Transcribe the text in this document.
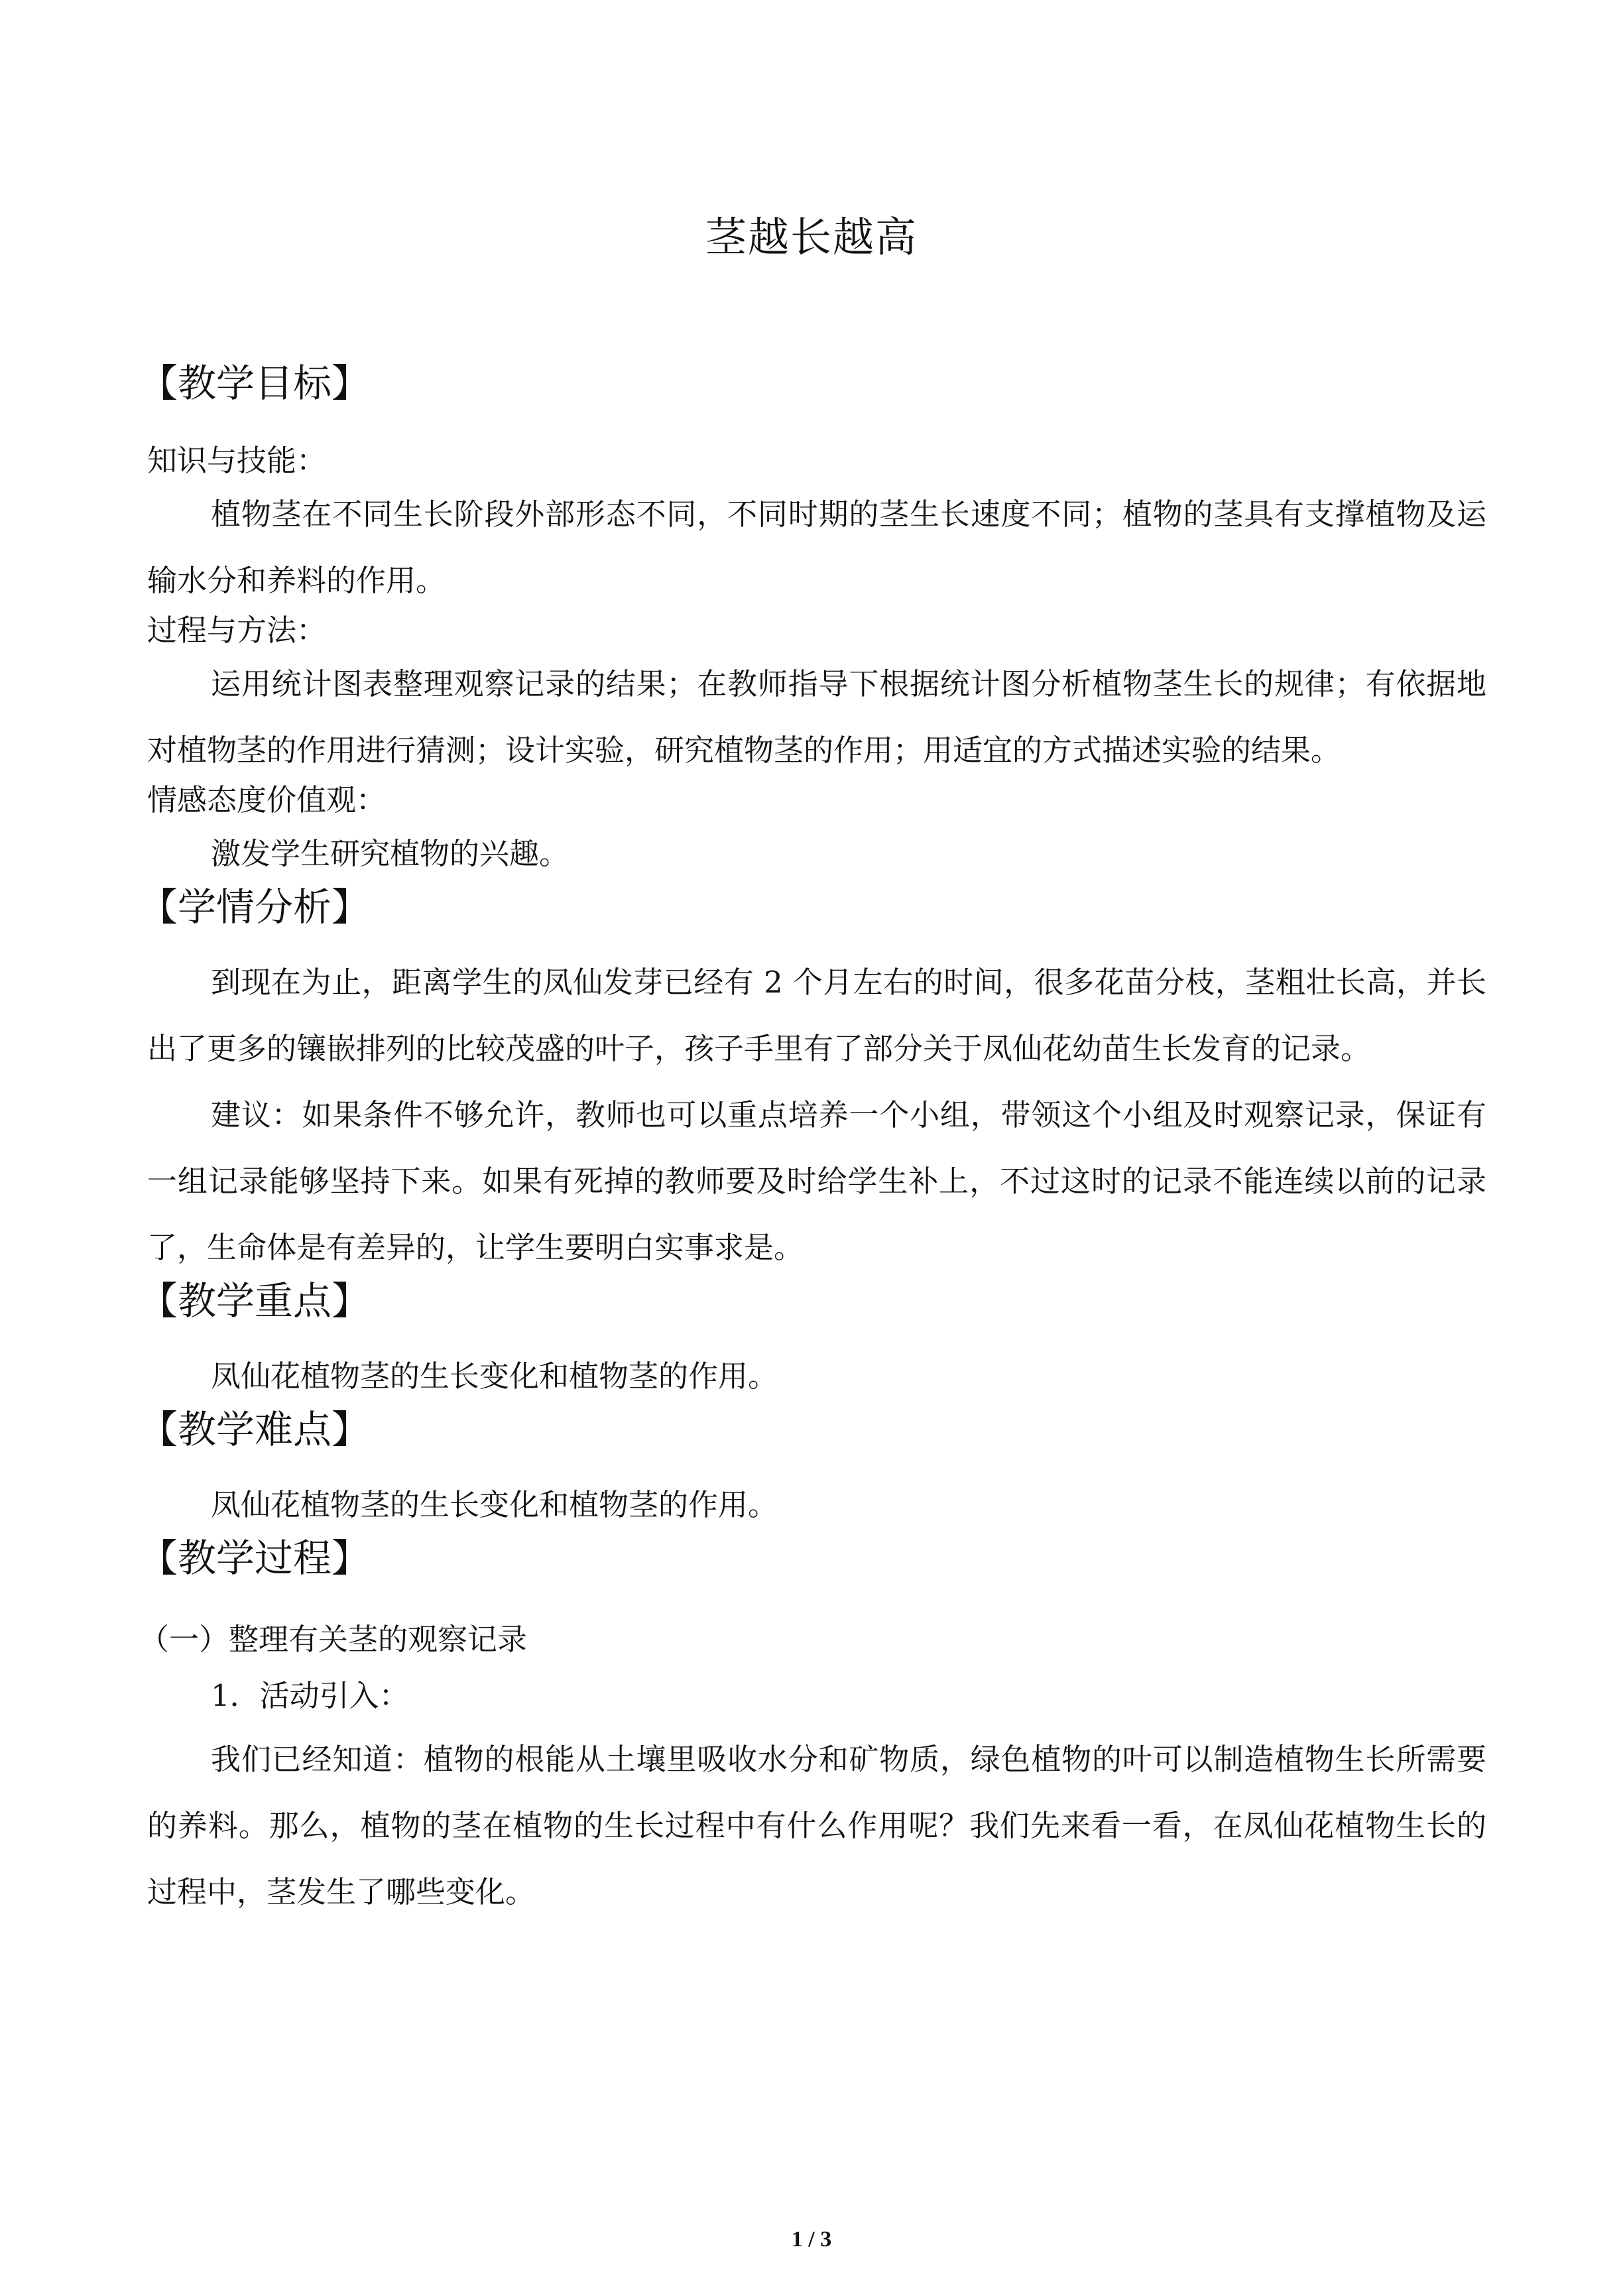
茎越长越高
【教学目标】
知识与技能：
植物茎在不同生长阶段外部形态不同，不同时期的茎生长速度不同；植物的茎具有支撑植物及运输水分和养料的作用。
过程与方法：
运用统计图表整理观察记录的结果；在教师指导下根据统计图分析植物茎生长的规律；有依据地对植物茎的作用进行猜测；设计实验，研究植物茎的作用；用适宜的方式描述实验的结果。
情感态度价值观：
激发学生研究植物的兴趣。
【学情分析】
到现在为止，距离学生的凤仙发芽已经有 2 个月左右的时间，很多花苗分枝，茎粗壮长高，并长出了更多的镶嵌排列的比较茂盛的叶子，孩子手里有了部分关于凤仙花幼苗生长发育的记录。
建议：如果条件不够允许，教师也可以重点培养一个小组，带领这个小组及时观察记录，保证有一组记录能够坚持下来。如果有死掉的教师要及时给学生补上，不过这时的记录不能连续以前的记录了，生命体是有差异的，让学生要明白实事求是。
【教学重点】
凤仙花植物茎的生长变化和植物茎的作用。
【教学难点】
凤仙花植物茎的生长变化和植物茎的作用。
【教学过程】
（一）整理有关茎的观察记录
1．活动引入：
我们已经知道：植物的根能从土壤里吸收水分和矿物质，绿色植物的叶可以制造植物生长所需要的养料。那么，植物的茎在植物的生长过程中有什么作用呢？我们先来看一看，在凤仙花植物生长的过程中，茎发生了哪些变化。
1 / 3
